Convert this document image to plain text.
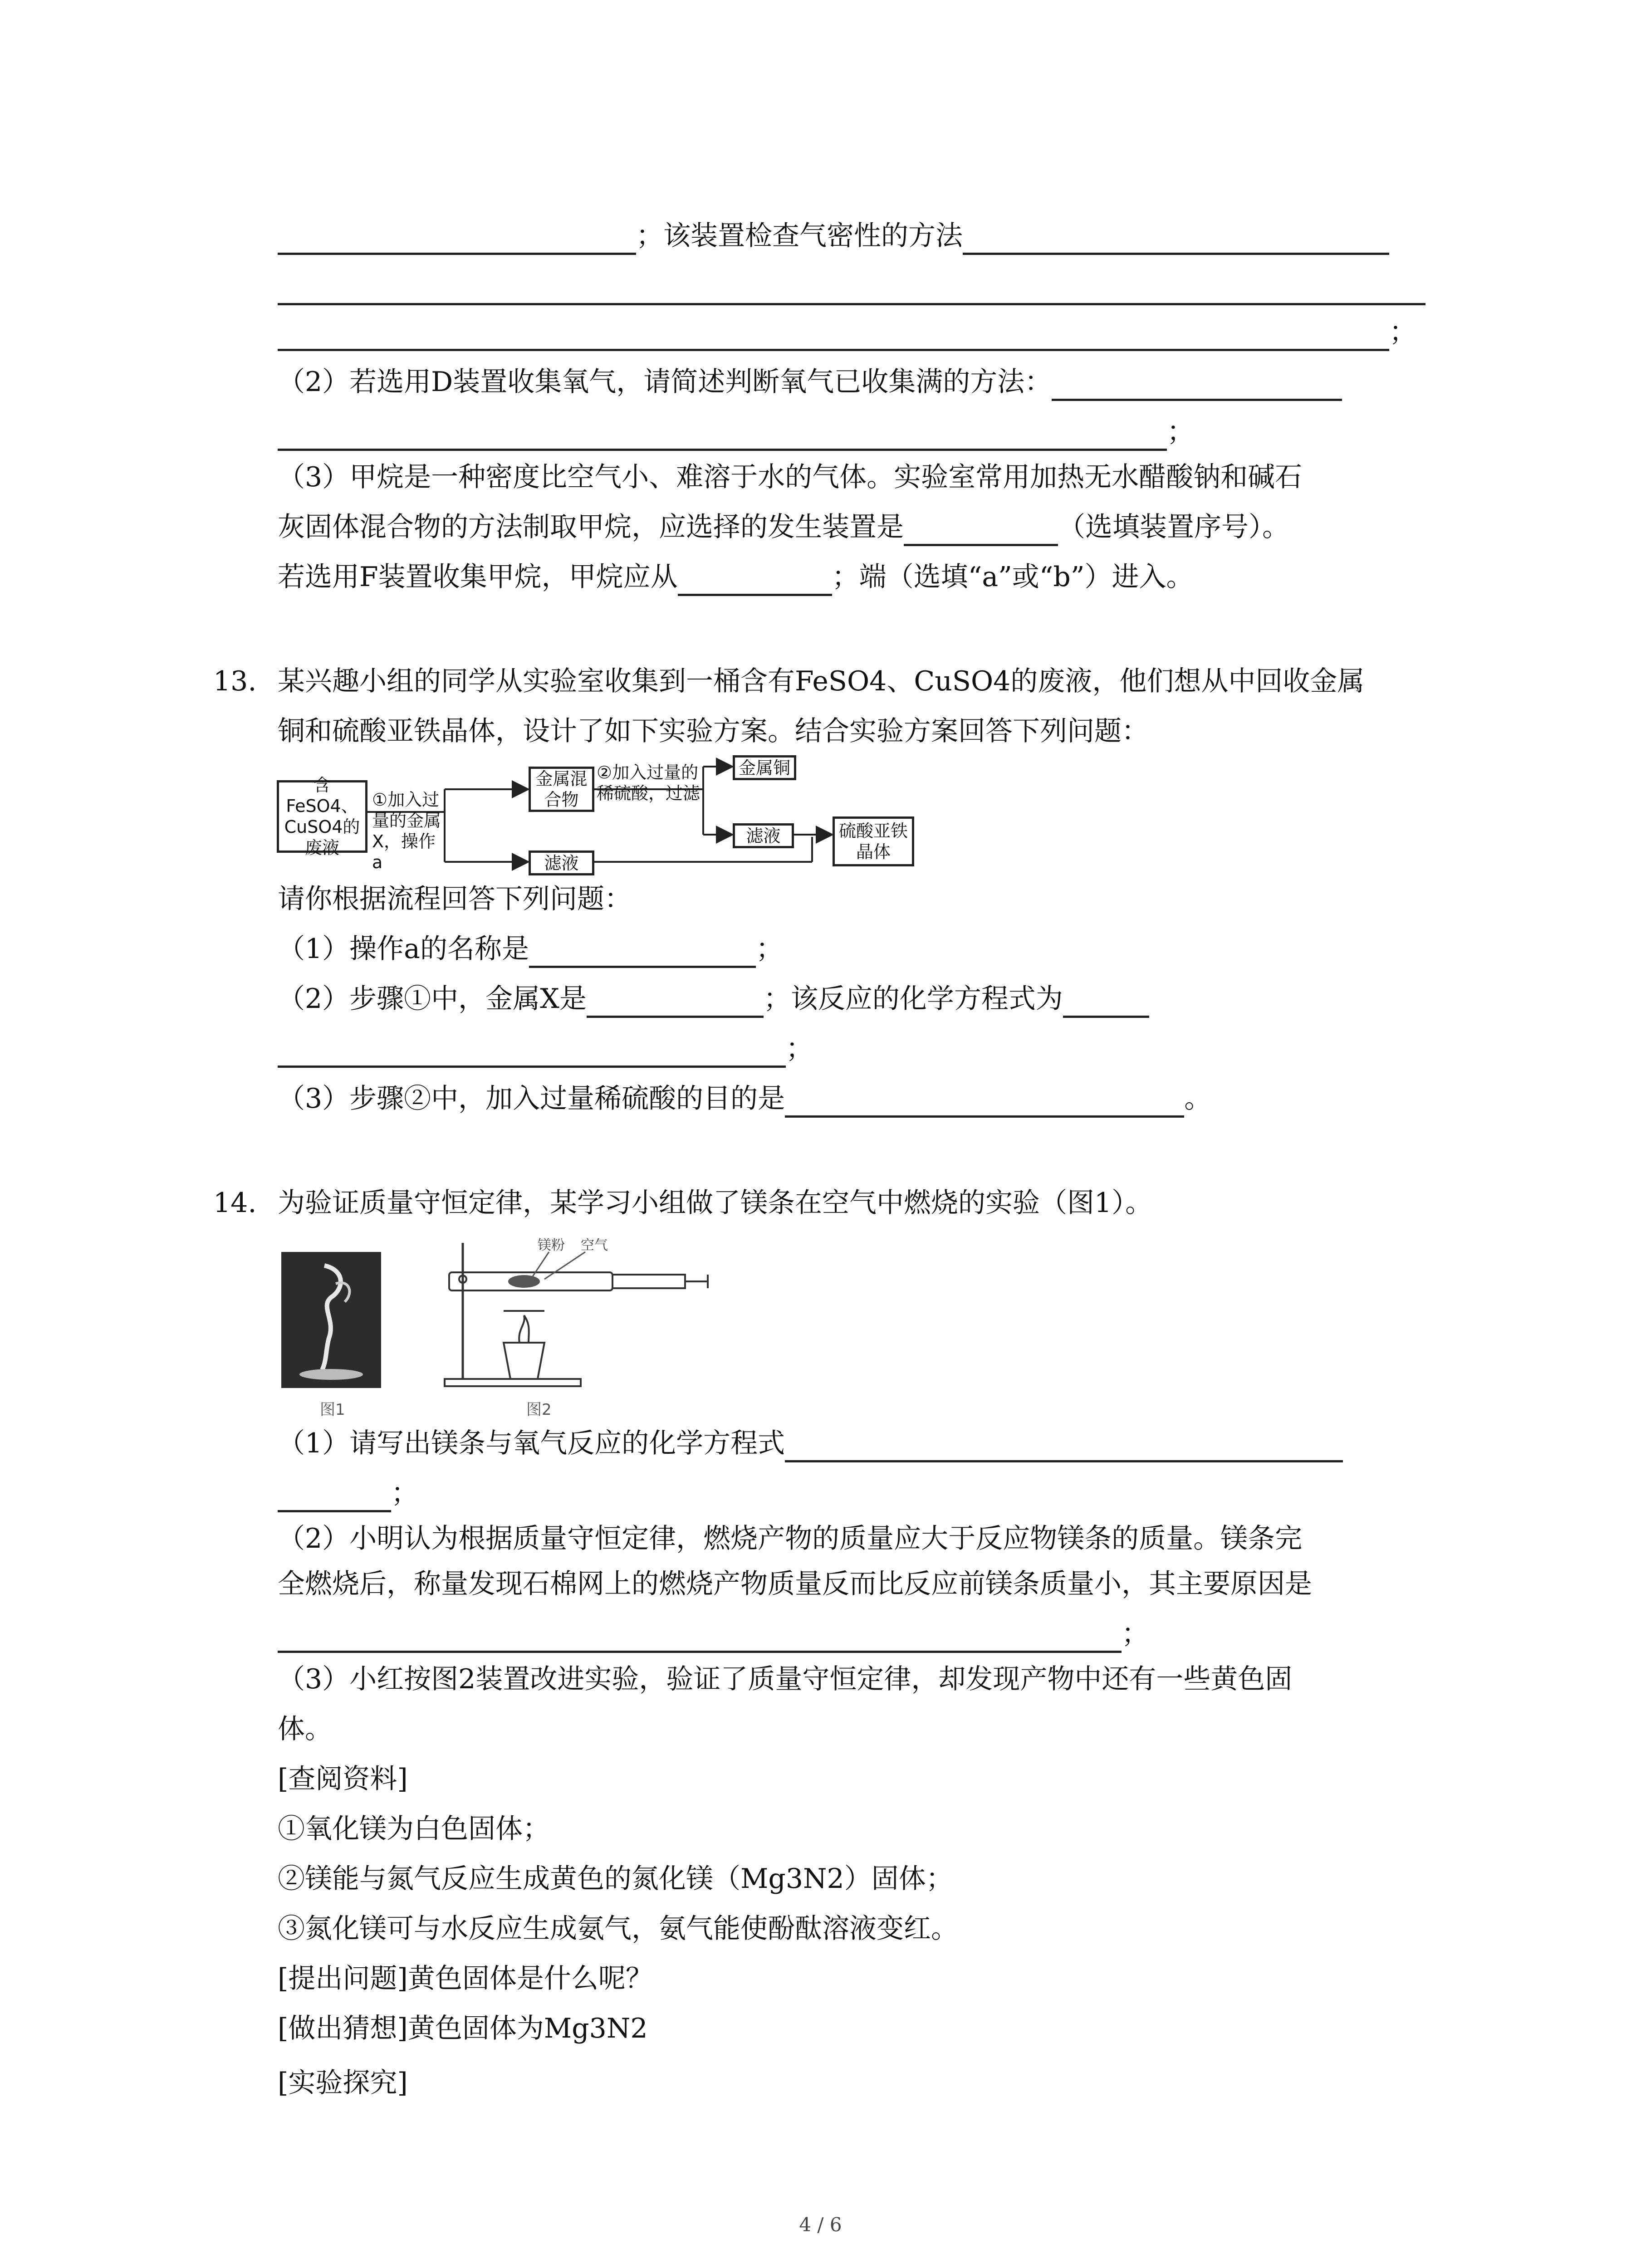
；该装置检查气密性的方法
；
（2）若选用D装置收集氧气，请简述判断氧气已收集满的方法：
；
（3）甲烷是一种密度比空气小、难溶于水的气体。实验室常用加热无水醋酸钠和碱石
灰固体混合物的方法制取甲烷，应选择的发生装置是	（选填装置序号）。
若选用F装置收集甲烷，甲烷应从	；端（选填“a”或“b”）进入。
13. 某兴趣小组的同学从实验室收集到一桶含有FeSO4、CuSO4的废液，他们想从中回收金属
铜和硫酸亚铁晶体，设计了如下实验方案。结合实验方案回答下列问题：
含FeSO4、CuSO4的废液
①加入过量的金属X，操作a
金属混合物
滤液
②加入过量的稀硫酸，过滤
金属铜
滤液	硫酸亚铁晶体
请你根据流程回答下列问题：
（1）操作a的名称是	；
（2）步骤①中，金属X是	；该反应的化学方程式为
；
（3）步骤②中，加入过量稀硫酸的目的是	。
14. 为验证质量守恒定律，某学习小组做了镁条在空气中燃烧的实验（图1）。
图1
镁粉 空气
图2
（1）请写出镁条与氧气反应的化学方程式
；
（2）小明认为根据质量守恒定律，燃烧产物的质量应大于反应物镁条的质量。镁条完
全燃烧后，称量发现石棉网上的燃烧产物质量反而比反应前镁条质量小，其主要原因是
；
（3）小红按图2装置改进实验，验证了质量守恒定律，却发现产物中还有一些黄色固
体。
[查阅资料]
①氧化镁为白色固体；
②镁能与氮气反应生成黄色的氮化镁（Mg3N2）固体；
③氮化镁可与水反应生成氨气，氨气能使酚酞溶液变红。
[提出问题]黄色固体是什么呢？
[做出猜想]黄色固体为Mg3N2
[实验探究]
4 / 6
